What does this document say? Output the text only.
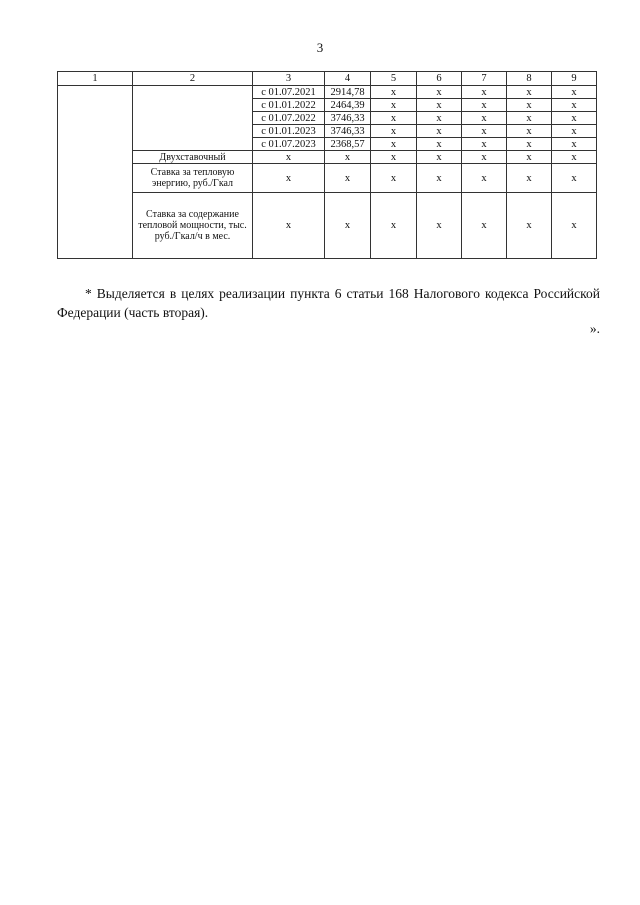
3
1	2	3	4	5	6	7	8	9
		с 01.07.2021	2914,78	х	х	х	х	х
		с 01.01.2022	2464,39	х	х	х	х	х
		с 01.07.2022	3746,33	х	х	х	х	х
		с 01.01.2023	3746,33	х	х	х	х	х
		с 01.07.2023	2368,57	х	х	х	х	х
	Двухставочный	х	х	х	х	х	х	х
	Ставка за тепловую энергию, руб./Гкал	х	х	х	х	х	х	х
	Ставка за содержание тепловой мощности, тыс. руб./Гкал/ч в мес.	х	х	х	х	х	х	х

* Выделяется в целях реализации пункта 6 статьи 168 Налогового кодекса Российской Федерации (часть вторая).

».
